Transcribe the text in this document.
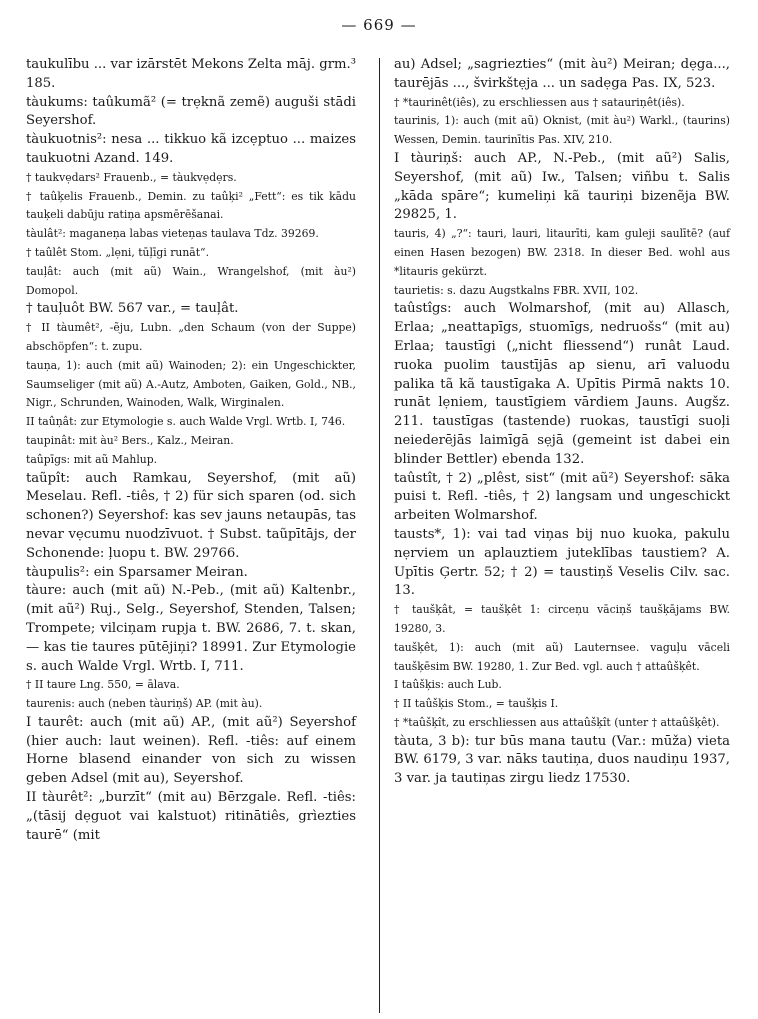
— 669 —

taukulību ... var izārstēt Mekons Zelta māj. grm.³ 185.

tàukums: taûkumã² (= trẹknã zemẽ) auguši stādi Seyershof.

tàukuotnis²: nesa ... tikkuo kã izcẹptuo ... maizes taukuotni Azand. 149.

† taukvẹdars² Frauenb., = tàukvẹdẹrs.

† taûķelis Frauenb., Demin. zu taûķi² „Fett“: es tik kādu tauķeli dabūju ratiņa apsmērēšanai.

tàulât²: maganeņa labas vieteņas taulava Tdz. 39269.

† taûlêt Stom. „lẹni, tūļīgi runāt“.

tauļât: auch (mit aũ) Wain., Wrangelshof, (mit àu²) Domopol.

† tauļuôt BW. 567 var., = tauļât.

† II tàumêt², -ẽju, Lubn. „den Schaum (von der Suppe) abschöpfen“: t. zupu.

tauņa, 1): auch (mit aũ) Wainoden; 2): ein Ungeschickter, Saumseliger (mit aũ) A.-Autz, Amboten, Gaiken, Gold., NB., Nigr., Schrunden, Wainoden, Walk, Wirginalen.

II taûņât: zur Etymologie s. auch Walde Vrgl. Wrtb. I, 746.

taupinât: mit àu² Bers., Kalz., Meiran.

taûpīgs: mit aũ Mahlup.

taũpît: auch Ramkau, Seyershof, (mit aũ) Meselau. Refl. -tiês, † 2) für sich sparen (od. sich schonen?) Seyershof: kas sev jauns netaupās, tas nevar vẹcumu nuodzīvuot. † Subst. taũpītājs, der Schonende: ļuopu t. BW. 29766.

tàupulis²: ein Sparsamer Meiran.

tàure: auch (mit aũ) N.-Peb., (mit aũ) Kaltenbr., (mit aũ²) Ruj., Selg., Seyershof, Stenden, Talsen; Trompete; vilciņam rupja t. BW. 2686, 7. t. skan, — kas tie taures pūtējiņi? 18991. Zur Etymologie s. auch Walde Vrgl. Wrtb. I, 711.

† II taure Lng. 550, = ālava.

taurenis: auch (neben tàuriņš) AP. (mit àu).

I taurêt: auch (mit aũ) AP., (mit aũ²) Seyershof (hier auch: laut weinen). Refl. -tiês: auf einem Horne blasend einander von sich zu wissen geben Adsel (mit au), Seyershof.

II tàurêt²: „burzīt“ (mit au) Bērzgale. Refl. -tiês: „(tāsij dẹguot vai kalstuot) ritinātiês, grìezties taurē“ (mit

au) Adsel; „sagriezties“ (mit àu²) Meiran; dẹga..., taurējās ..., švirkštẹja ... un sadẹga Pas. IX, 523.

† *taurinêt(iês), zu erschliessen aus † satauriņêt(iês).

taurinis, 1): auch (mit aũ) Oknist, (mit àu²) Warkl., (taurins) Wessen, Demin. taurinītis Pas. XIV, 210.

I tàuriņš: auch AP., N.-Peb., (mit aũ²) Salis, Seyershof, (mit aũ) Iw., Talsen; viñbu t. Salis „kāda spāre“; kumeliņi kã tauriņi bizenẽja BW. 29825, 1.

tauris, 4) „?“: tauri, lauri, litaurīti, kam guleji saulītē? (auf einen Hasen bezogen) BW. 2318. In dieser Bed. wohl aus *litauris gekürzt.

taurietis: s. dazu Augstkalns FBR. XVII, 102.

taûstîgs: auch Wolmarshof, (mit au) Allasch, Erlaa; „neattapīgs, stuomīgs, nedruošs“ (mit au) Erlaa; taustīgi („nicht fliessend“) runât Laud. ruoka puolim taustījās ap sienu, arī valuodu palika tã kã taustīgaka A. Upītis Pirmā nakts 10. runāt lẹniem, taustīgiem vārdiem Jauns. Augšz. 211. taustīgas (tastende) ruokas, taustīgi suoļi neiederējās laimīgā sẹjā (gemeint ist dabei ein blinder Bettler) ebenda 132.

taûstît, † 2) „plêst, sist“ (mit aũ²) Seyershof: sāka puisi t. Refl. -tiês, † 2) langsam und ungeschickt arbeiten Wolmarshof.

tausts*, 1): vai tad viņas bij nuo kuoka, pakulu nẹrviem un aplauztiem juteklības taustiem? A. Upītis Ģertr. 52; † 2) = taustiņš Veselis Cilv. sac. 13.

† taušķât, = taušķêt 1: circeņu vāciņš taušķājams BW. 19280, 3.

taušķêt, 1): auch (mit aũ) Lauternsee. vaguļu vāceli taušķēsim BW. 19280, 1. Zur Bed. vgl. auch † attaûšķêt.

I taûšķis: auch Lub.

† II taûšķis Stom., = taušķis I.

† *taûšķît, zu erschliessen aus attaûšķît (unter † attaûšķêt).

tàuta, 3 b): tur būs mana tautu (Var.: mūža) vieta BW. 6179, 3 var. nāks tautiņa, duos naudiņu 1937, 3 var. ja tautiņas zirgu liedz 17530.
